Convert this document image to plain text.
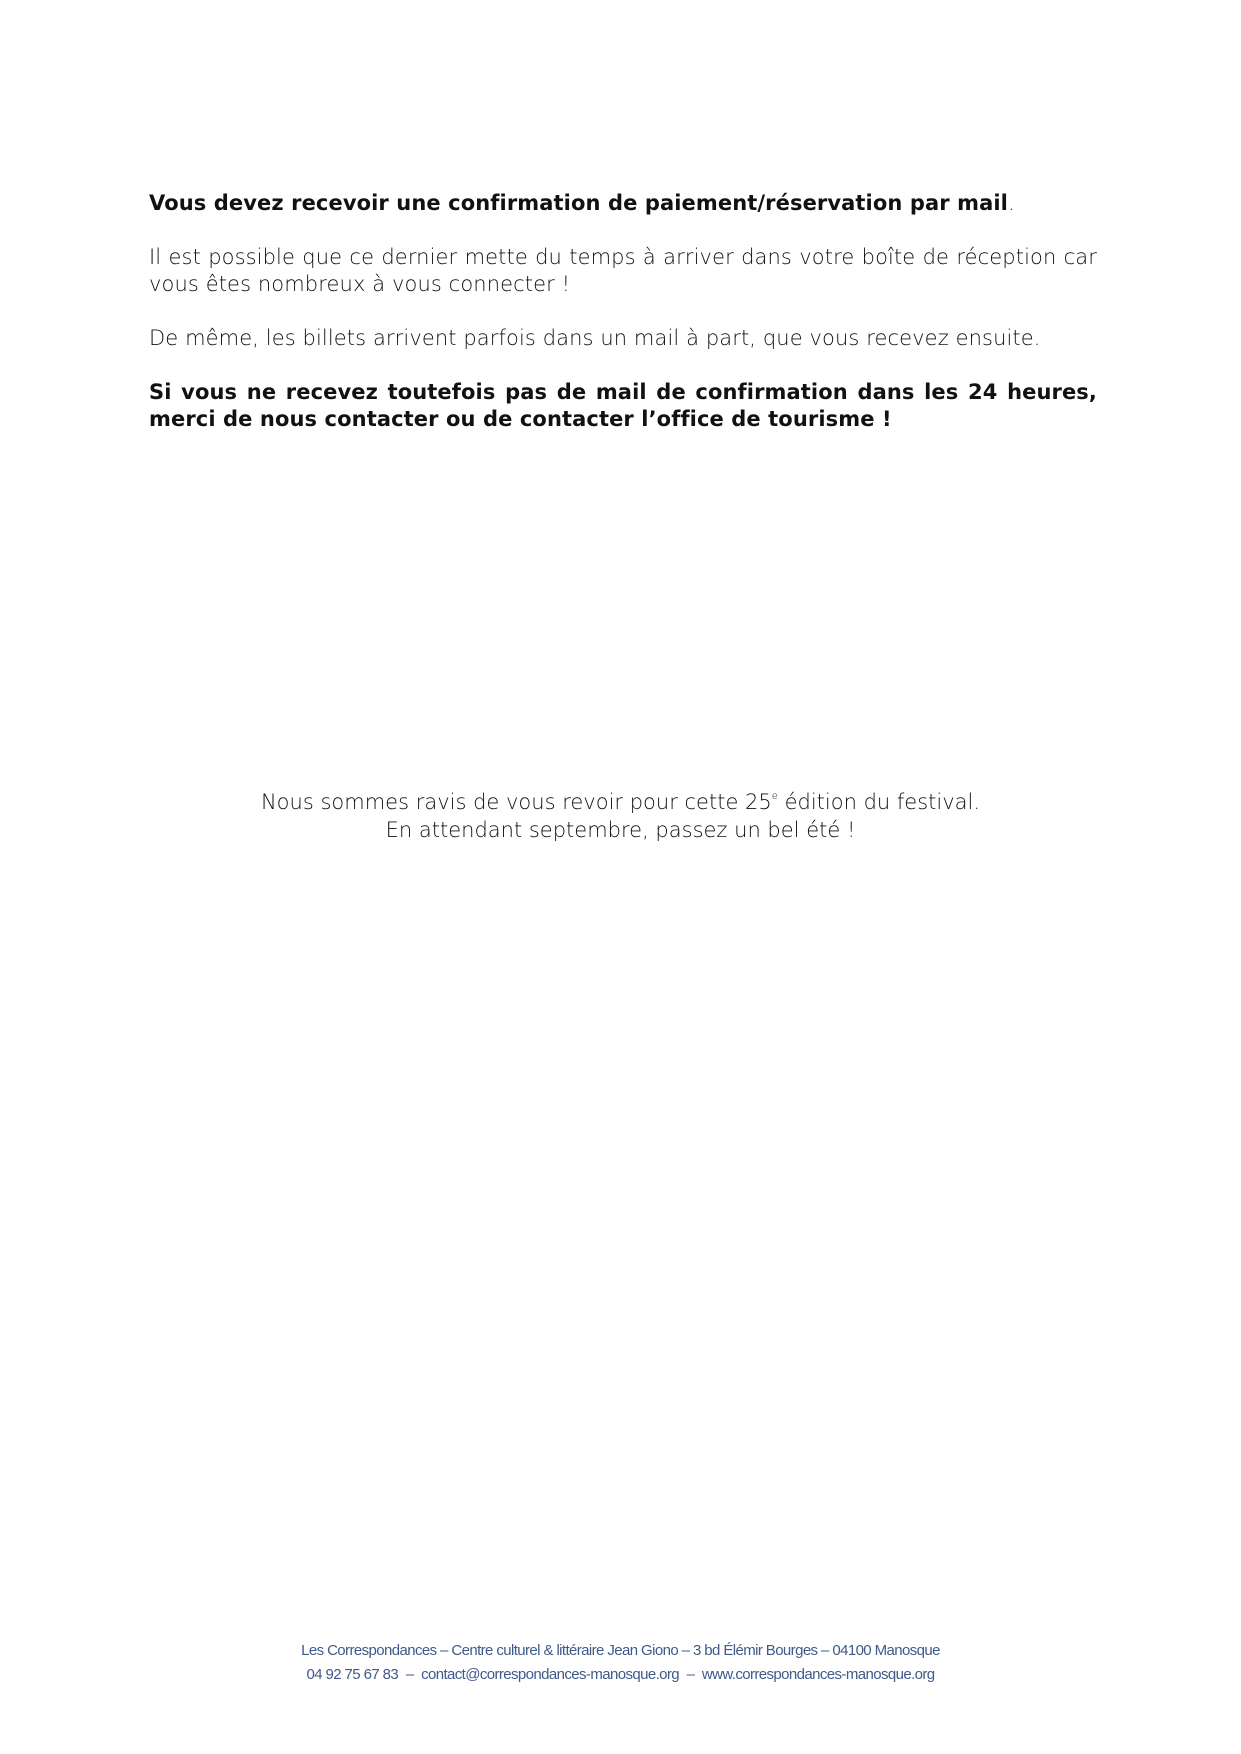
Vous devez recevoir une confirmation de paiement/réservation par mail.

Il est possible que ce dernier mette du temps à arriver dans votre boîte de réception car vous êtes nombreux à vous connecter !

De même, les billets arrivent parfois dans un mail à part, que vous recevez ensuite.

Si vous ne recevez toutefois pas de mail de confirmation dans les 24 heures, merci de nous contacter ou de contacter l’office de tourisme !

Nous sommes ravis de vous revoir pour cette 25e édition du festival.
En attendant septembre, passez un bel été !
Les Correspondances – Centre culturel & littéraire Jean Giono – 3 bd Élémir Bourges – 04100 Manosque
04 92 75 67 83 – contact@correspondances-manosque.org – www.correspondances-manosque.org
